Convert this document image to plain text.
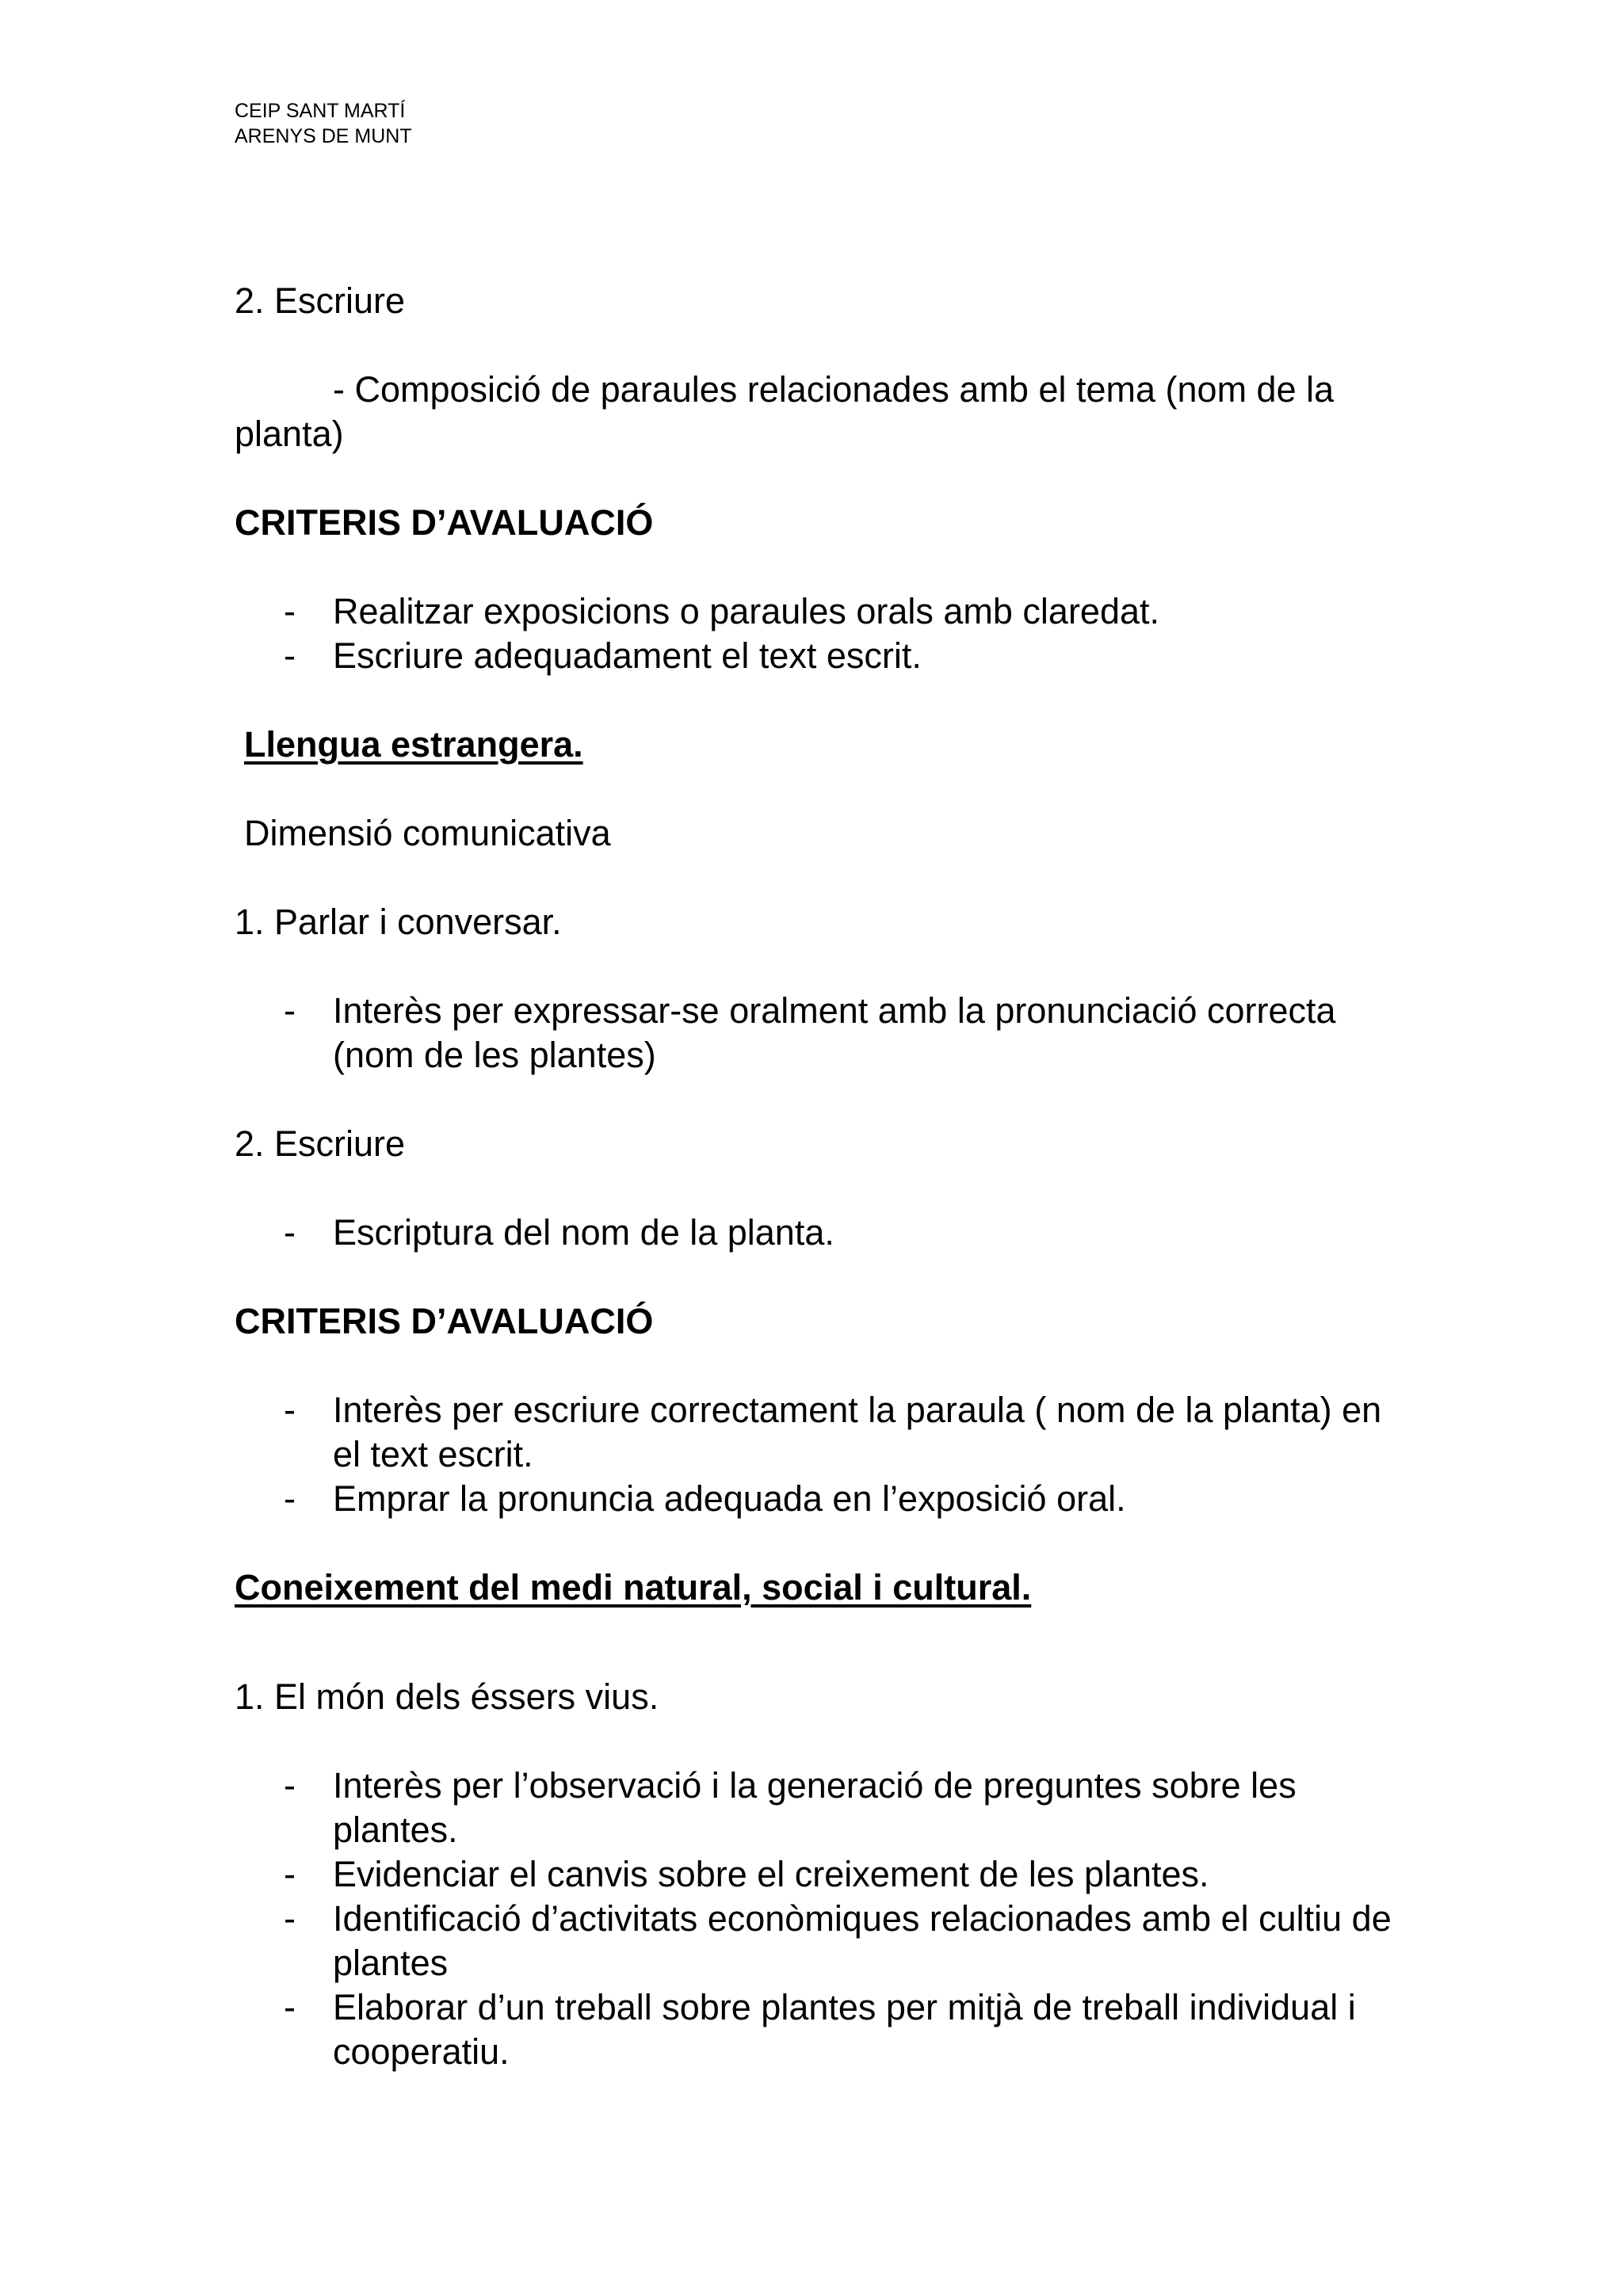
CEIP SANT MARTÍ
ARENYS DE MUNT

2. Escriure

- Composició de paraules relacionades amb el tema (nom de la planta)

CRITERIS D’AVALUACIÓ

- Realitzar exposicions o paraules orals amb claredat.
- Escriure adequadament el text escrit.

Llengua estrangera.

Dimensió comunicativa

1. Parlar i conversar.

- Interès per expressar-se oralment amb la pronunciació correcta (nom de les plantes)

2. Escriure

- Escriptura del nom de la planta.

CRITERIS D’AVALUACIÓ

- Interès per escriure correctament la paraula ( nom de la planta) en el text escrit.
- Emprar la pronuncia adequada en l’exposició oral.

Coneixement del medi natural, social i cultural.

1. El món dels éssers vius.

- Interès per l’observació i la generació de preguntes sobre les plantes.
- Evidenciar el canvis sobre el creixement de les plantes.
- Identificació d’activitats econòmiques relacionades amb el cultiu de plantes
- Elaborar d’un treball sobre plantes per mitjà de treball individual i cooperatiu.
